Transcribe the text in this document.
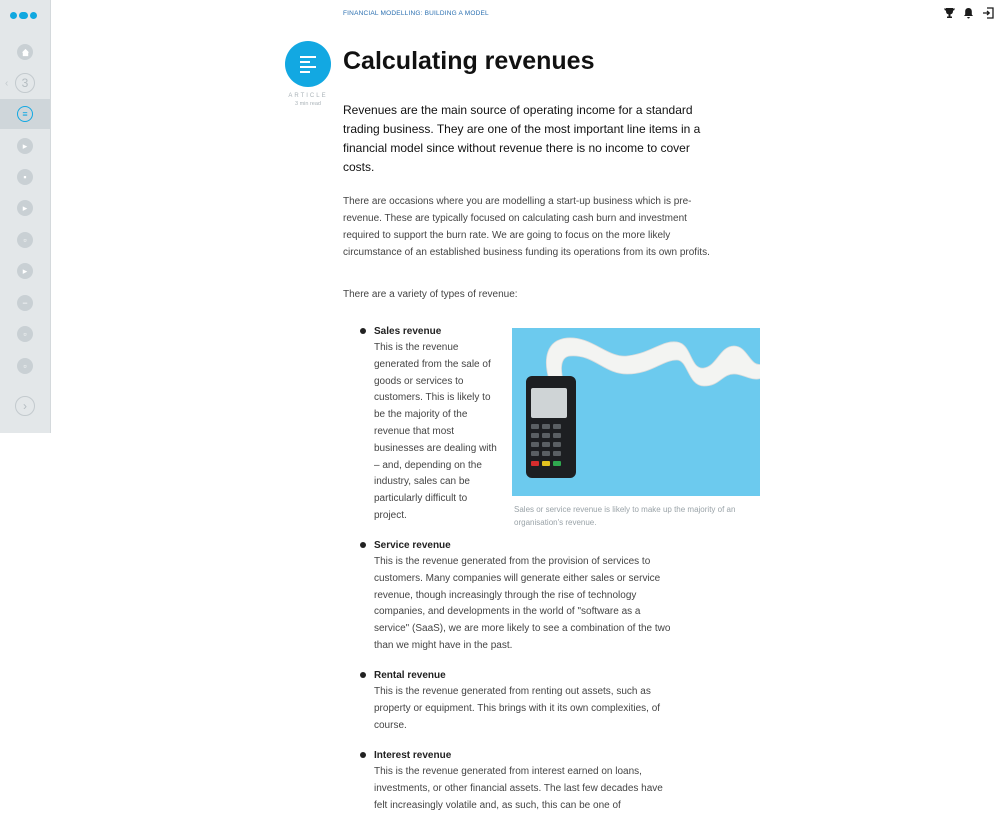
‹	3
≡
▸
▪
▸
▫
▸
−
▫
▫
›
FINANCIAL MODELLING: BUILDING A MODEL
ARTICLE
3 min read
Calculating revenues

Revenues are the main source of operating income for a standard trading business. They are one of the most important line items in a financial model since without revenue there is no income to cover costs.

There are occasions where you are modelling a start-up business which is pre-revenue. These are typically focused on calculating cash burn and investment required to support the burn rate. We are going to focus on the more likely circumstance of an established business funding its operations from its own profits.

There are a variety of types of revenue:

Sales revenue

This is the revenue generated from the sale of goods or services to customers. This is likely to be the majority of the revenue that most businesses are dealing with – and, depending on the industry, sales can be particularly difficult to project.

Sales or service revenue is likely to make up the majority of an organisation's revenue.

Service revenue

This is the revenue generated from the provision of services to customers. Many companies will generate either sales or service revenue, though increasingly through the rise of technology companies, and developments in the world of "software as a service" (SaaS), we are more likely to see a combination of the two than we might have in the past.

Rental revenue

This is the revenue generated from renting out assets, such as property or equipment. This brings with it its own complexities, of course.

Interest revenue

This is the revenue generated from interest earned on loans, investments, or other financial assets. The last few decades have felt increasingly volatile and, as such, this can be one of
